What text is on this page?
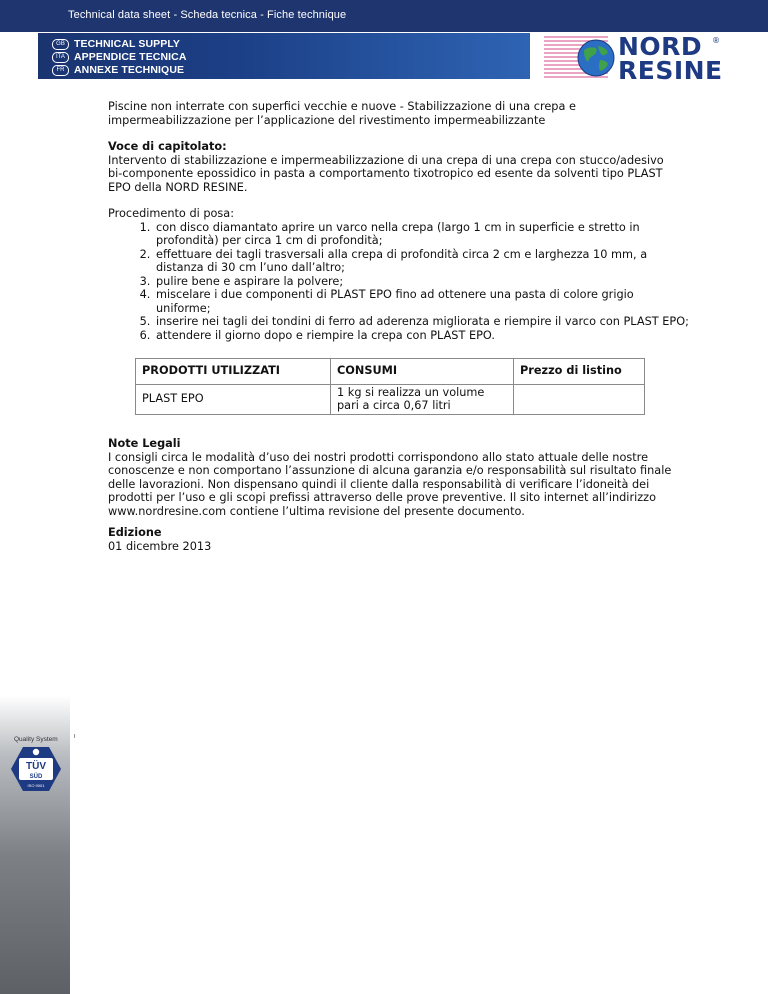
Technical data sheet - Scheda tecnica - Fiche technique
GB TECHNICAL SUPPLY
ITA APPENDICE TECNICA
FR ANNEXE TECHNIQUE
NORD ®
RESINE

Piscine non interrate con superfici vecchie e nuove - Stabilizzazione di una crepa e
impermeabilizzazione per l’applicazione del rivestimento impermeabilizzante

Voce di capitolato:
Intervento di stabilizzazione e impermeabilizzazione di una crepa di una crepa con stucco/adesivo
bi-componente epossidico in pasta a comportamento tixotropico ed esente da solventi tipo PLAST
EPO della NORD RESINE.

Procedimento di posa:

1. con disco diamantato aprire un varco nella crepa (largo 1 cm in superficie e stretto in profondità) per circa 1 cm di profondità;
2. effettuare dei tagli trasversali alla crepa di profondità circa 2 cm e larghezza 10 mm, a distanza di 30 cm l’uno dall’altro;
3. pulire bene e aspirare la polvere;
4. miscelare i due componenti di PLAST EPO fino ad ottenere una pasta di colore grigio uniforme;
5. inserire nei tagli dei tondini di ferro ad aderenza migliorata e riempire il varco con PLAST EPO;
6. attendere il giorno dopo e riempire la crepa con PLAST EPO.
PRODOTTI UTILIZZATI	CONSUMI	Prezzo di listino
PLAST EPO	1 kg si realizza un volume
pari a circa 0,67 litri	

Note Legali
I consigli circa le modalità d’uso dei nostri prodotti corrispondono allo stato attuale delle nostre
conoscenze e non comportano l’assunzione di alcuna garanzia e/o responsabilità sul risultato finale
delle lavorazioni. Non dispensano quindi il cliente dalla responsabilità di verificare l’idoneità dei
prodotti per l’uso e gli scopi prefissi attraverso delle prove preventive. Il sito internet all’indirizzo
www.nordresine.com contiene l’ultima revisione del presente documento.

Edizione
01 dicembre 2013
Quality System
TÜV
SÜD
ISO 9001
